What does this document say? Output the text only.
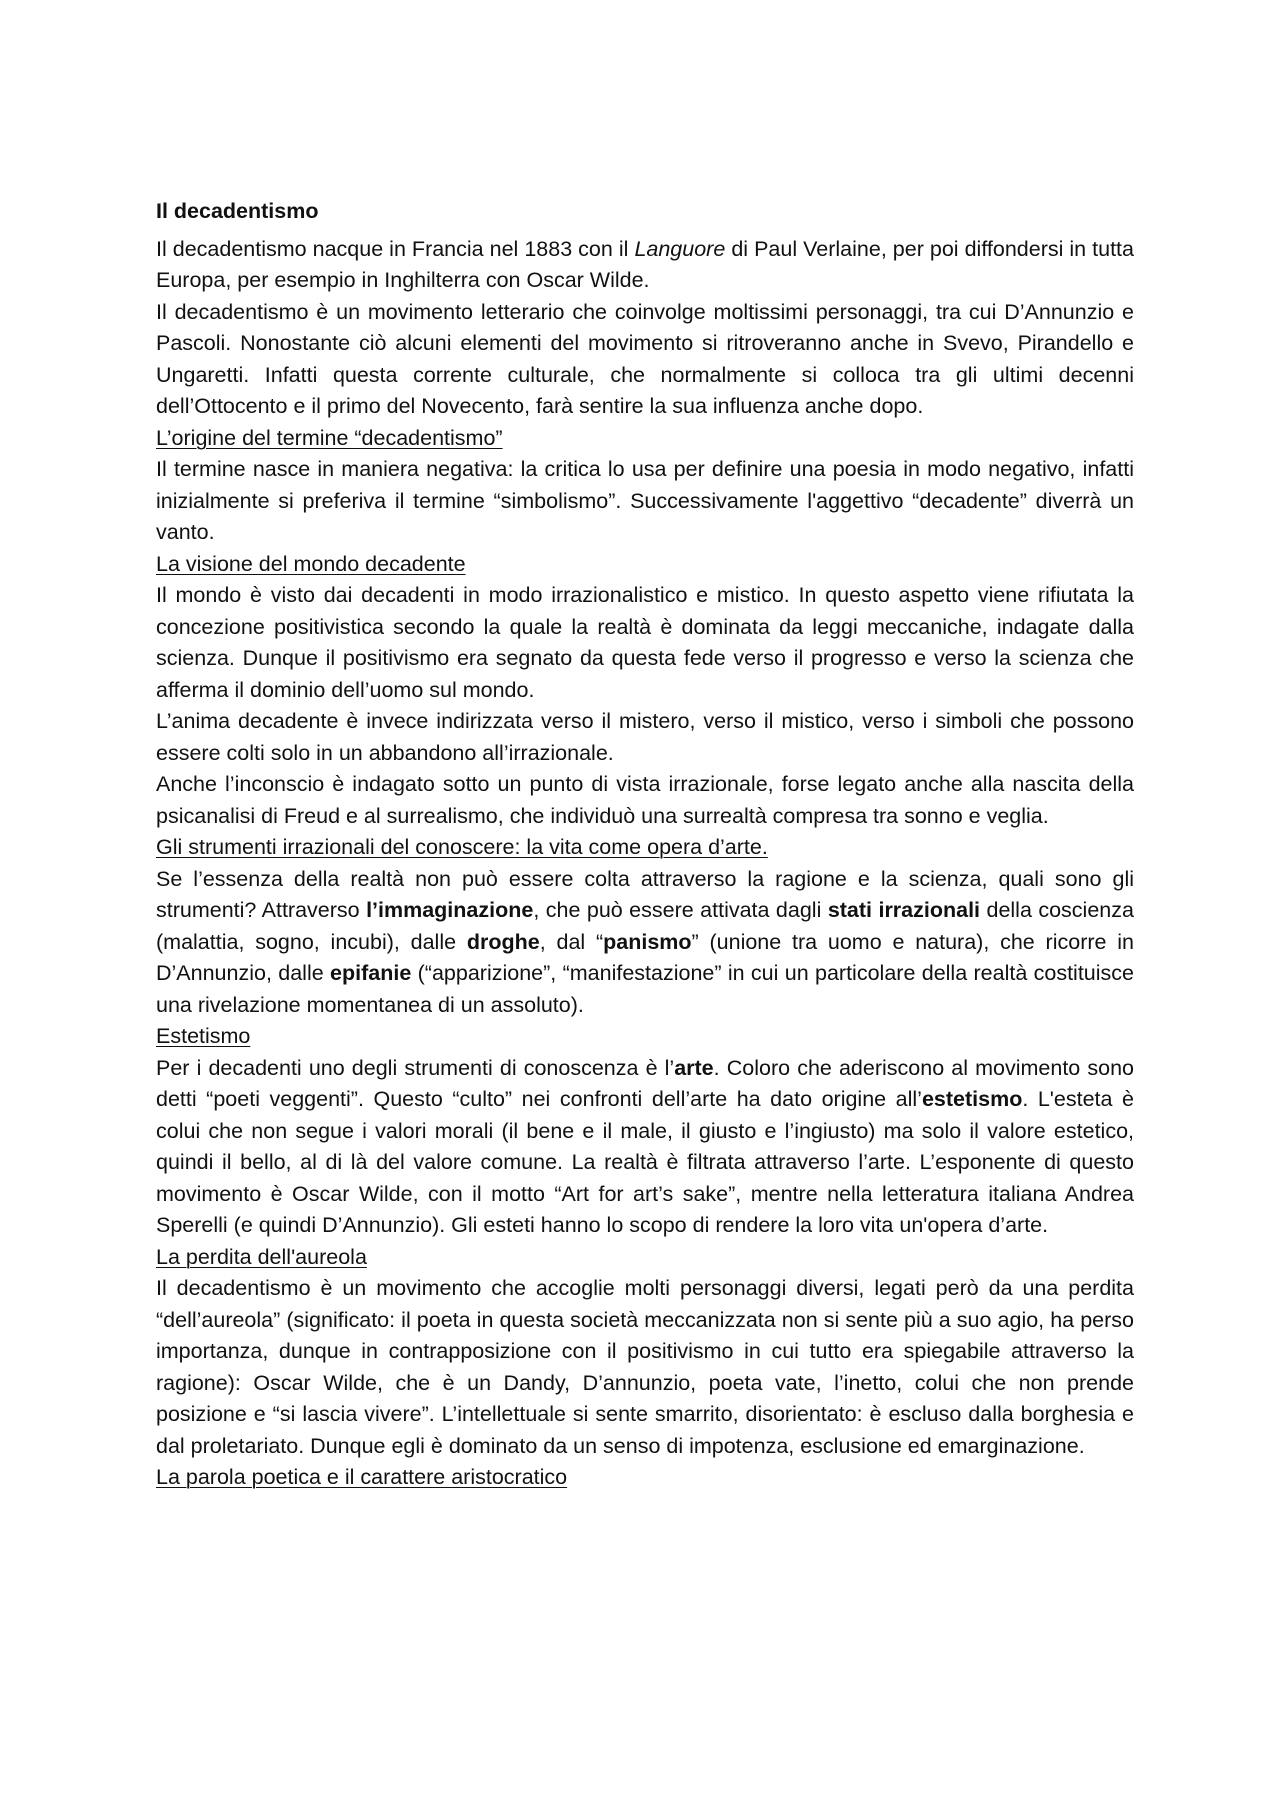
Il decadentismo

Il decadentismo nacque in Francia nel 1883 con il Languore di Paul Verlaine, per poi diffondersi in tutta Europa, per esempio in Inghilterra con Oscar Wilde.

Il decadentismo è un movimento letterario che coinvolge moltissimi personaggi, tra cui D’Annunzio e Pascoli. Nonostante ciò alcuni elementi del movimento si ritroveranno anche in Svevo, Pirandello e Ungaretti. Infatti questa corrente culturale, che normalmente si colloca tra gli ultimi decenni dell’Ottocento e il primo del Novecento, farà sentire la sua influenza anche dopo.

L’origine del termine “decadentismo”

Il termine nasce in maniera negativa: la critica lo usa per definire una poesia in modo negativo, infatti inizialmente si preferiva il termine “simbolismo”. Successivamente l'aggettivo “decadente” diverrà un vanto.

La visione del mondo decadente

Il mondo è visto dai decadenti in modo irrazionalistico e mistico. In questo aspetto viene rifiutata la concezione positivistica secondo la quale la realtà è dominata da leggi meccaniche, indagate dalla scienza. Dunque il positivismo era segnato da questa fede verso il progresso e verso la scienza che afferma il dominio dell’uomo sul mondo.

L’anima decadente è invece indirizzata verso il mistero, verso il mistico, verso i simboli che possono essere colti solo in un abbandono all’irrazionale.

Anche l’inconscio è indagato sotto un punto di vista irrazionale, forse legato anche alla nascita della psicanalisi di Freud e al surrealismo, che individuò una surrealtà compresa tra sonno e veglia.

Gli strumenti irrazionali del conoscere: la vita come opera d’arte.

Se l’essenza della realtà non può essere colta attraverso la ragione e la scienza, quali sono gli strumenti? Attraverso l’immaginazione, che può essere attivata dagli stati irrazionali della coscienza (malattia, sogno, incubi), dalle droghe, dal “panismo” (unione tra uomo e natura), che ricorre in D’Annunzio, dalle epifanie (“apparizione”, “manifestazione” in cui un particolare della realtà costituisce una rivelazione momentanea di un assoluto).

Estetismo

Per i decadenti uno degli strumenti di conoscenza è l’arte. Coloro che aderiscono al movimento sono detti “poeti veggenti”. Questo “culto” nei confronti dell’arte ha dato origine all’estetismo. L'esteta è colui che non segue i valori morali (il bene e il male, il giusto e l’ingiusto) ma solo il valore estetico, quindi il bello, al di là del valore comune. La realtà è filtrata attraverso l’arte. L’esponente di questo movimento è Oscar Wilde, con il motto “Art for art’s sake”, mentre nella letteratura italiana Andrea Sperelli (e quindi D’Annunzio). Gli esteti hanno lo scopo di rendere la loro vita un'opera d’arte.

La perdita dell'aureola

Il decadentismo è un movimento che accoglie molti personaggi diversi, legati però da una perdita “dell’aureola” (significato: il poeta in questa società meccanizzata non si sente più a suo agio, ha perso importanza, dunque in contrapposizione con il positivismo in cui tutto era spiegabile attraverso la ragione): Oscar Wilde, che è un Dandy, D’annunzio, poeta vate, l’inetto, colui che non prende posizione e “si lascia vivere”. L’intellettuale si sente smarrito, disorientato: è escluso dalla borghesia e dal proletariato. Dunque egli è dominato da un senso di impotenza, esclusione ed emarginazione.

La parola poetica e il carattere aristocratico
